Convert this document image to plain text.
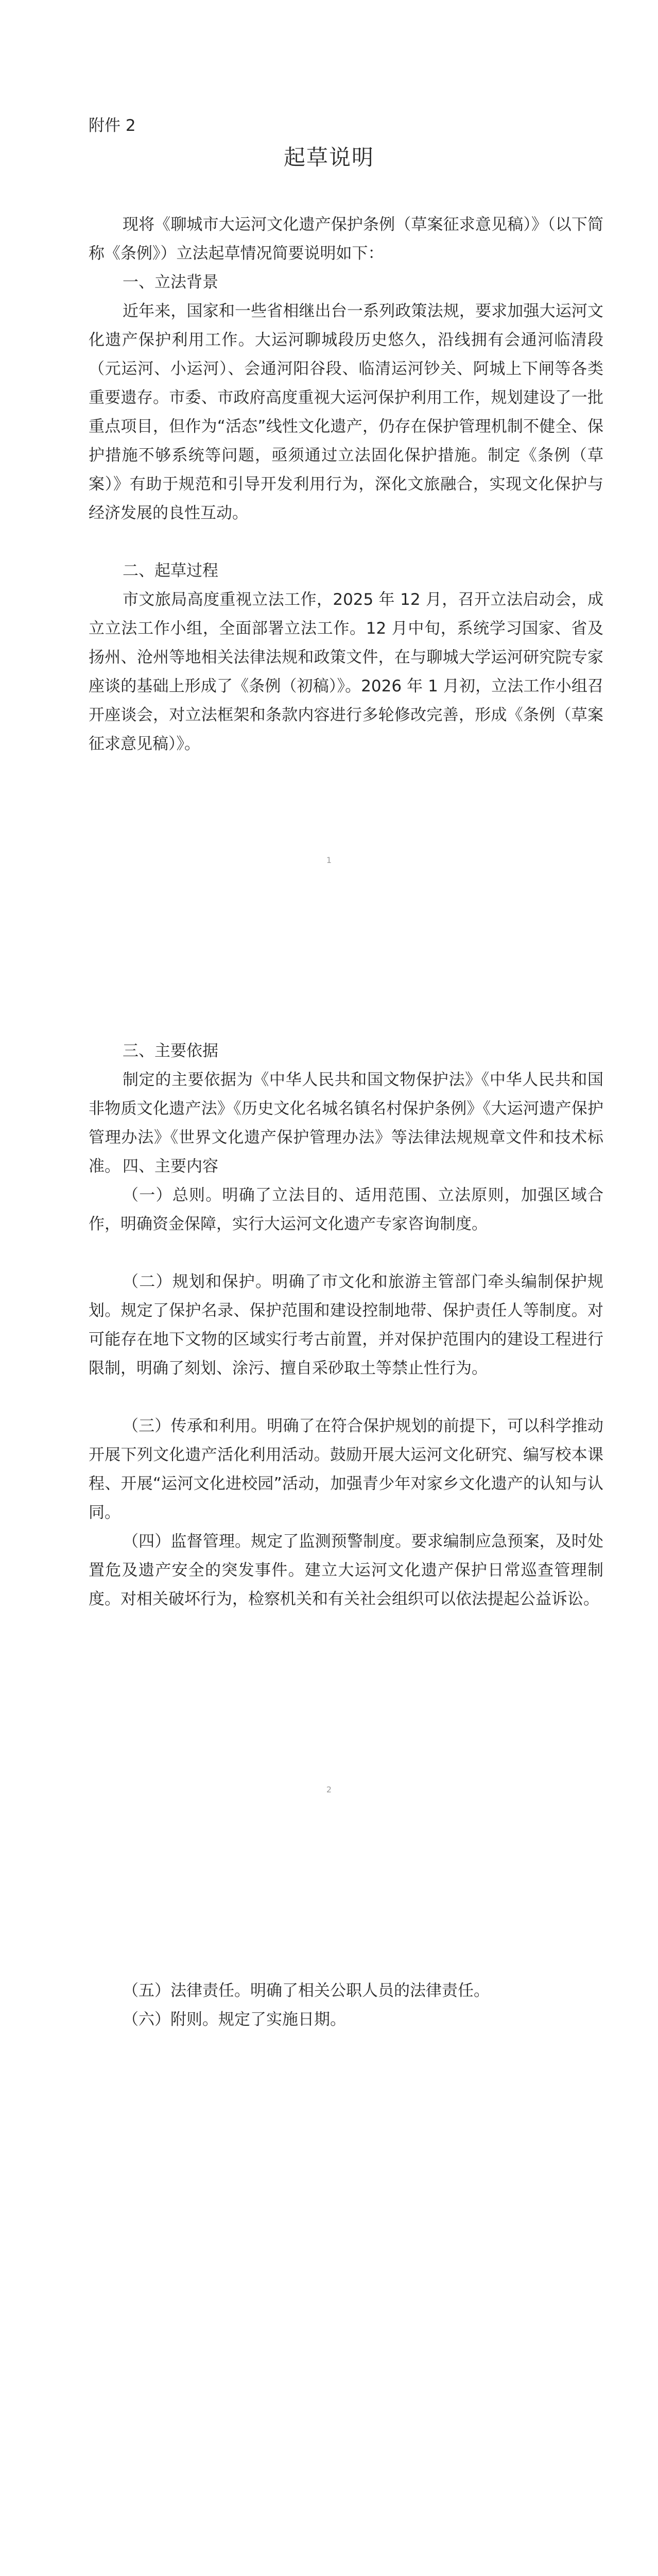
附件 2
起草说明

现将《聊城市大运河文化遗产保护条例（草案征求意见稿）》（以下简称《条例》）立法起草情况简要说明如下：

一、立法背景

近年来，国家和一些省相继出台一系列政策法规，要求加强大运河文化遗产保护利用工作。大运河聊城段历史悠久，沿线拥有会通河临清段（元运河、小运河）、会通河阳谷段、临清运河钞关、阿城上下闸等各类重要遗存。市委、市政府高度重视大运河保护利用工作，规划建设了一批重点项目，但作为“活态”线性文化遗产，仍存在保护管理机制不健全、保护措施不够系统等问题，亟须通过立法固化保护措施。制定《条例（草案）》有助于规范和引导开发利用行为，深化文旅融合，实现文化保护与经济发展的良性互动。

二、起草过程

市文旅局高度重视立法工作，2025 年 12 月，召开立法启动会，成立立法工作小组，全面部署立法工作。12 月中旬，系统学习国家、省及扬州、沧州等地相关法律法规和政策文件，在与聊城大学运河研究院专家座谈的基础上形成了《条例（初稿）》。2026 年 1 月初，立法工作小组召开座谈会，对立法框架和条款内容进行多轮修改完善，形成《条例（草案征求意见稿）》。

1

三、主要依据

制定的主要依据为《中华人民共和国文物保护法》《中华人民共和国非物质文化遗产法》《历史文化名城名镇名村保护条例》《大运河遗产保护管理办法》《世界文化遗产保护管理办法》等法律法规规章文件和技术标准。 四、主要内容

（一）总则。明确了立法目的、适用范围、立法原则，加强区域合作，明确资金保障，实行大运河文化遗产专家咨询制度。

（二）规划和保护。明确了市文化和旅游主管部门牵头编制保护规划。规定了保护名录、保护范围和建设控制地带、保护责任人等制度。对可能存在地下文物的区域实行考古前置，并对保护范围内的建设工程进行限制，明确了刻划、涂污、擅自采砂取土等禁止性行为。

（三）传承和利用。明确了在符合保护规划的前提下，可以科学推动开展下列文化遗产活化利用活动。鼓励开展大运河文化研究、编写校本课程、开展“运河文化进校园”活动，加强青少年对家乡文化遗产的认知与认同。

（四）监督管理。规定了监测预警制度。要求编制应急预案，及时处置危及遗产安全的突发事件。建立大运河文化遗产保护日常巡查管理制度。对相关破坏行为，检察机关和有关社会组织可以依法提起公益诉讼。

2

（五）法律责任。明确了相关公职人员的法律责任。

（六）附则。规定了实施日期。
